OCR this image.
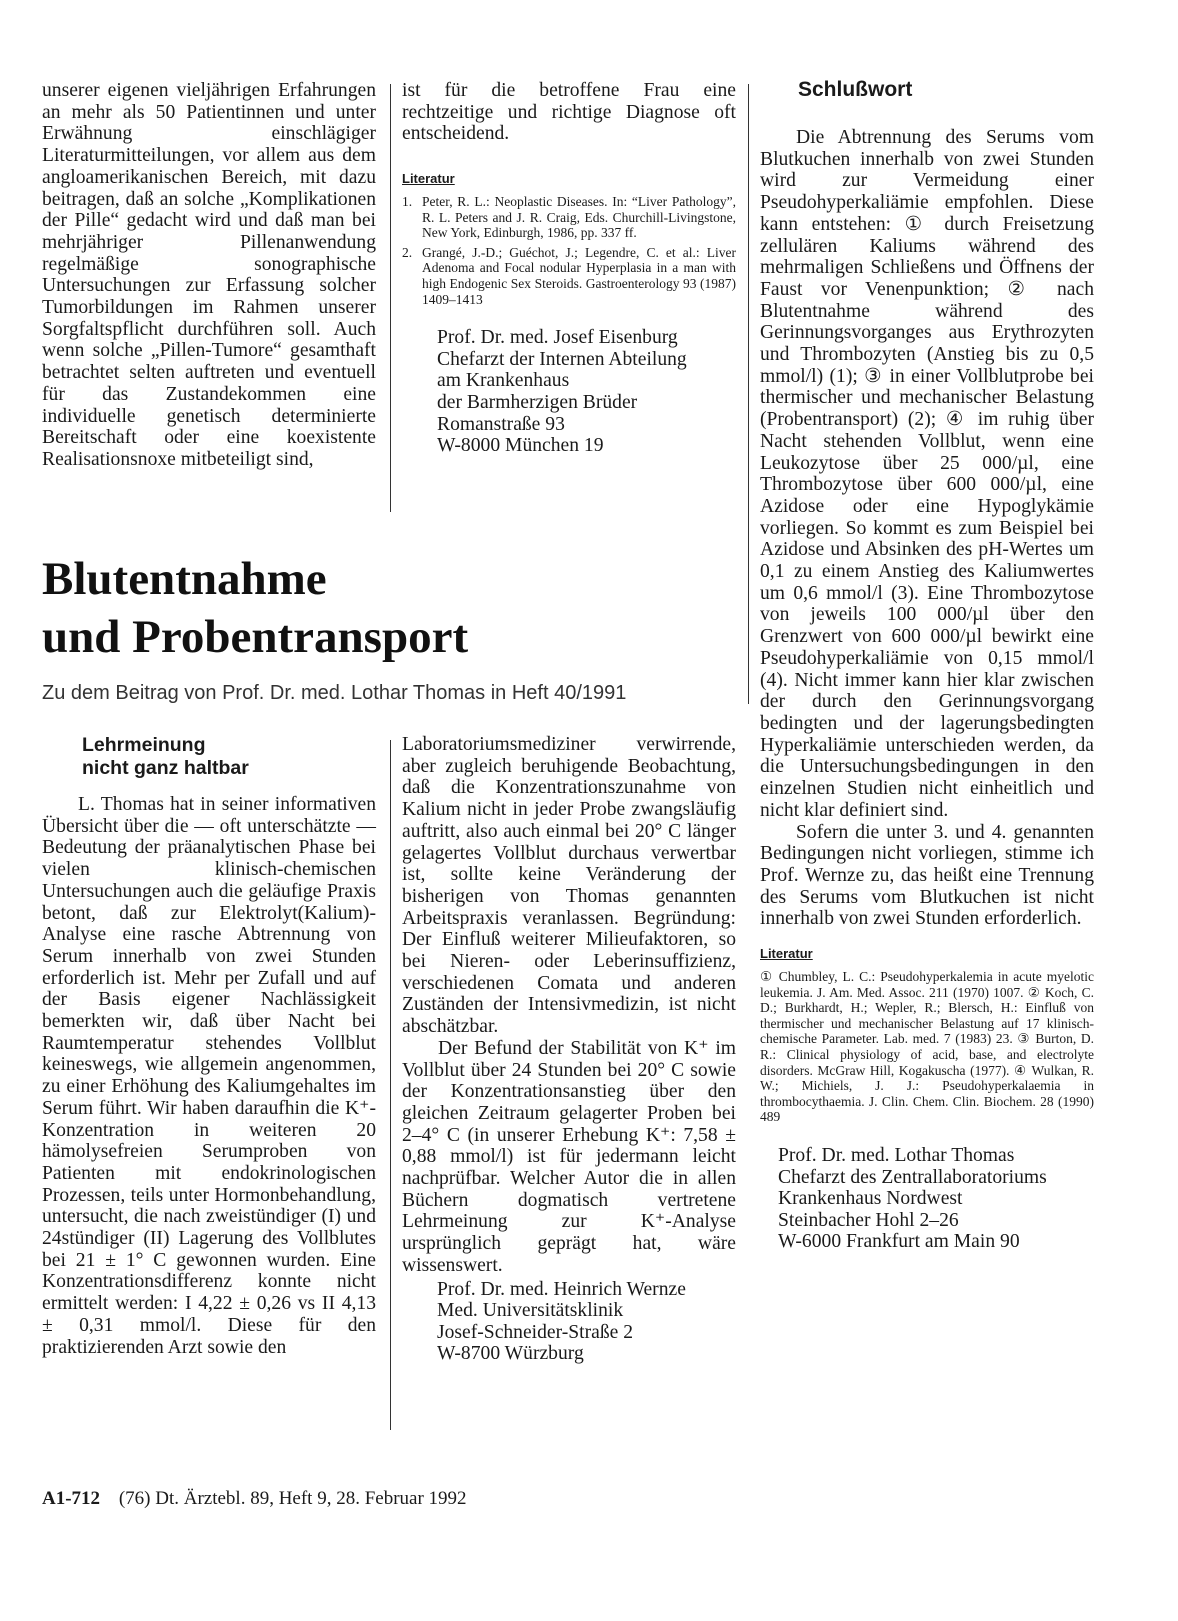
unserer eigenen vieljährigen Erfahrungen an mehr als 50 Patientinnen und unter Erwähnung einschlägiger Literaturmitteilungen, vor allem aus dem angloamerikanischen Bereich, mit dazu beitragen, daß an solche „Komplikationen der Pille“ gedacht wird und daß man bei mehrjähriger Pillenanwendung regelmäßige sonographische Untersuchungen zur Erfassung solcher Tumorbildungen im Rahmen unserer Sorgfaltspflicht durchführen soll. Auch wenn solche „Pillen-Tumore“ gesamthaft betrachtet selten auftreten und eventuell für das Zustandekommen eine individuelle genetisch determinierte Bereitschaft oder eine koexistente Realisationsnoxe mitbeteiligt sind,

ist für die betroffene Frau eine rechtzeitige und richtige Diagnose oft entscheidend.
Literatur
1. Peter, R. L.: Neoplastic Diseases. In: “Liver Pathology”, R. L. Peters and J. R. Craig, Eds. Churchill-Livingstone, New York, Edinburgh, 1986, pp. 337 ff.
2. Grangé, J.-D.; Guéchot, J.; Legendre, C. et al.: Liver Adenoma and Focal nodular Hyperplasia in a man with high Endogenic Sex Steroids. Gastroenterology 93 (1987) 1409–1413
Prof. Dr. med. Josef Eisenburg
Chefarzt der Internen Abteilung
am Krankenhaus
der Barmherzigen Brüder
Romanstraße 93
W-8000 München 19
Schlußwort

Die Abtrennung des Serums vom Blutkuchen innerhalb von zwei Stunden wird zur Vermeidung einer Pseudohyperkaliämie empfohlen. Diese kann entstehen: ① durch Freisetzung zellulären Kaliums während des mehrmaligen Schließens und Öffnens der Faust vor Venenpunktion; ② nach Blutentnahme während des Gerinnungsvorganges aus Erythrozyten und Thrombozyten (Anstieg bis zu 0,5 mmol/l) (1); ③ in einer Vollblutprobe bei thermischer und mechanischer Belastung (Probentransport) (2); ④ im ruhig über Nacht stehenden Vollblut, wenn eine Leukozytose über 25 000/µl, eine Thrombozytose über 600 000/µl, eine Azidose oder eine Hypoglykämie vorliegen. So kommt es zum Beispiel bei Azidose und Absinken des pH-Wertes um 0,1 zu einem Anstieg des Kaliumwertes um 0,6 mmol/l (3). Eine Thrombozytose von jeweils 100 000/µl über den Grenzwert von 600 000/µl bewirkt eine Pseudohyperkaliämie von 0,15 mmol/l (4). Nicht immer kann hier klar zwischen der durch den Gerinnungsvorgang bedingten und der lagerungsbedingten Hyperkaliämie unterschieden werden, da die Untersuchungsbedingungen in den einzelnen Studien nicht einheitlich und nicht klar definiert sind.

Sofern die unter 3. und 4. genannten Bedingungen nicht vorliegen, stimme ich Prof. Wernze zu, das heißt eine Trennung des Serums vom Blutkuchen ist nicht innerhalb von zwei Stunden erforderlich.

Literatur
① Chumbley, L. C.: Pseudohyperkalemia in acute myelotic leukemia. J. Am. Med. Assoc. 211 (1970) 1007. ② Koch, C. D.; Burkhardt, H.; Wepler, R.; Blersch, H.: Einfluß von thermischer und mechanischer Belastung auf 17 klinisch-chemische Parameter. Lab. med. 7 (1983) 23. ③ Burton, D. R.: Clinical physiology of acid, base, and electrolyte disorders. McGraw Hill, Kogakuscha (1977). ④ Wulkan, R. W.; Michiels, J. J.: Pseudohyperkalaemia in thrombocythaemia. J. Clin. Chem. Clin. Biochem. 28 (1990) 489
Prof. Dr. med. Lothar Thomas
Chefarzt des Zentrallaboratoriums
Krankenhaus Nordwest
Steinbacher Hohl 2–26
W-6000 Frankfurt am Main 90
Blutentnahme
und Probentransport
Zu dem Beitrag von Prof. Dr. med. Lothar Thomas in Heft 40/1991
Lehrmeinung
nicht ganz haltbar

L. Thomas hat in seiner informativen Übersicht über die — oft unterschätzte — Bedeutung der präanalytischen Phase bei vielen klinisch-chemischen Untersuchungen auch die geläufige Praxis betont, daß zur Elektrolyt(Kalium)-Analyse eine rasche Abtrennung von Serum innerhalb von zwei Stunden erforderlich ist. Mehr per Zufall und auf der Basis eigener Nachlässigkeit bemerkten wir, daß über Nacht bei Raumtemperatur stehendes Vollblut keineswegs, wie allgemein angenommen, zu einer Erhöhung des Kaliumgehaltes im Serum führt. Wir haben daraufhin die K⁺-Konzentration in weiteren 20 hämolysefreien Serumproben von Patienten mit endokrinologischen Prozessen, teils unter Hormonbehandlung, untersucht, die nach zweistündiger (I) und 24stündiger (II) Lagerung des Vollblutes bei 21 ± 1° C gewonnen wurden. Eine Konzentrationsdifferenz konnte nicht ermittelt werden: I 4,22 ± 0,26 vs II 4,13 ± 0,31 mmol/l. Diese für den praktizierenden Arzt sowie den

Laboratoriumsmediziner verwirrende, aber zugleich beruhigende Beobachtung, daß die Konzentrationszunahme von Kalium nicht in jeder Probe zwangsläufig auftritt, also auch einmal bei 20° C länger gelagertes Vollblut durchaus verwertbar ist, sollte keine Veränderung der bisherigen von Thomas genannten Arbeitspraxis veranlassen. Begründung: Der Einfluß weiterer Milieufaktoren, so bei Nieren- oder Leberinsuffizienz, verschiedenen Comata und anderen Zuständen der Intensivmedizin, ist nicht abschätzbar.

Der Befund der Stabilität von K⁺ im Vollblut über 24 Stunden bei 20° C sowie der Konzentrationsanstieg über den gleichen Zeitraum gelagerter Proben bei 2–4° C (in unserer Erhebung K⁺: 7,58 ± 0,88 mmol/l) ist für jedermann leicht nachprüfbar. Welcher Autor die in allen Büchern dogmatisch vertretene Lehrmeinung zur K⁺-Analyse ursprünglich geprägt hat, wäre wissenswert.

Prof. Dr. med. Heinrich Wernze
Med. Universitätsklinik
Josef-Schneider-Straße 2
W-8700 Würzburg
A1-712 (76) Dt. Ärztebl. 89, Heft 9, 28. Februar 1992
